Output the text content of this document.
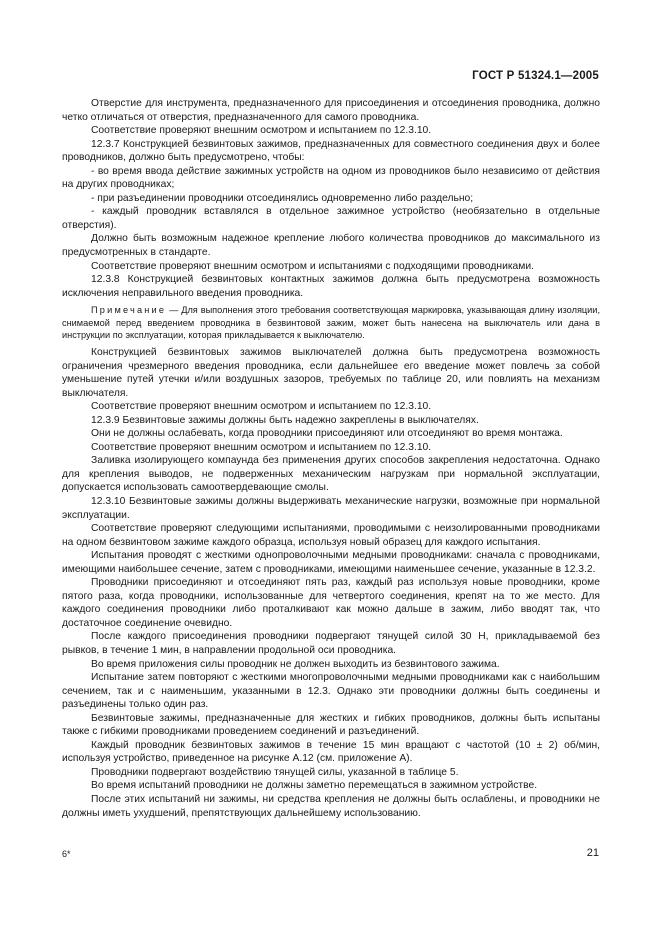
ГОСТ Р 51324.1—2005

Отверстие для инструмента, предназначенного для присоединения и отсоединения проводника, должно четко отличаться от отверстия, предназначенного для самого проводника.

Соответствие проверяют внешним осмотром и испытанием по 12.3.10.

12.3.7 Конструкцией безвинтовых зажимов, предназначенных для совместного соединения двух и более проводников, должно быть предусмотрено, чтобы:

- во время ввода действие зажимных устройств на одном из проводников было независимо от действия на других проводниках;

- при разъединении проводники отсоединялись одновременно либо раздельно;

- каждый проводник вставлялся в отдельное зажимное устройство (необязательно в отдельные отверстия).

Должно быть возможным надежное крепление любого количества проводников до максимального из предусмотренных в стандарте.

Соответствие проверяют внешним осмотром и испытаниями с подходящими проводниками.

12.3.8 Конструкцией безвинтовых контактных зажимов должна быть предусмотрена возможность исключения неправильного введения проводника.

Примечание — Для выполнения этого требования соответствующая маркировка, указывающая длину изоляции, снимаемой перед введением проводника в безвинтовой зажим, может быть нанесена на выключатель или дана в инструкции по эксплуатации, которая прикладывается к выключателю.

Конструкцией безвинтовых зажимов выключателей должна быть предусмотрена возможность ограничения чрезмерного введения проводника, если дальнейшее его введение может повлечь за собой уменьшение путей утечки и/или воздушных зазоров, требуемых по таблице 20, или повлиять на механизм выключателя.

Соответствие проверяют внешним осмотром и испытанием по 12.3.10.

12.3.9 Безвинтовые зажимы должны быть надежно закреплены в выключателях.

Они не должны ослабевать, когда проводники присоединяют или отсоединяют во время монтажа.

Соответствие проверяют внешним осмотром и испытанием по 12.3.10.

Заливка изолирующего компаунда без применения других способов закрепления недостаточна. Однако для крепления выводов, не подверженных механическим нагрузкам при нормальной эксплуатации, допускается использовать самоотвердевающие смолы.

12.3.10 Безвинтовые зажимы должны выдерживать механические нагрузки, возможные при нормальной эксплуатации.

Соответствие проверяют следующими испытаниями, проводимыми с неизолированными проводниками на одном безвинтовом зажиме каждого образца, используя новый образец для каждого испытания.

Испытания проводят с жесткими однопроволочными медными проводниками: сначала с проводниками, имеющими наибольшее сечение, затем с проводниками, имеющими наименьшее сечение, указанные в 12.3.2.

Проводники присоединяют и отсоединяют пять раз, каждый раз используя новые проводники, кроме пятого раза, когда проводники, использованные для четвертого соединения, крепят на то же место. Для каждого соединения проводники либо проталкивают как можно дальше в зажим, либо вводят так, что достаточное соединение очевидно.

После каждого присоединения проводники подвергают тянущей силой 30 Н, прикладываемой без рывков, в течение 1 мин, в направлении продольной оси проводника.

Во время приложения силы проводник не должен выходить из безвинтового зажима.

Испытание затем повторяют с жесткими многопроволочными медными проводниками как с наибольшим сечением, так и с наименьшим, указанными в 12.3. Однако эти проводники должны быть соединены и разъединены только один раз.

Безвинтовые зажимы, предназначенные для жестких и гибких проводников, должны быть испытаны также с гибкими проводниками проведением соединений и разъединений.

Каждый проводник безвинтовых зажимов в течение 15 мин вращают с частотой (10 ± 2) об/мин, используя устройство, приведенное на рисунке А.12 (см. приложение А).

Проводники подвергают воздействию тянущей силы, указанной в таблице 5.

Во время испытаний проводники не должны заметно перемещаться в зажимном устройстве.

После этих испытаний ни зажимы, ни средства крепления не должны быть ослаблены, и проводники не должны иметь ухудшений, препятствующих дальнейшему использованию.

6*	21
